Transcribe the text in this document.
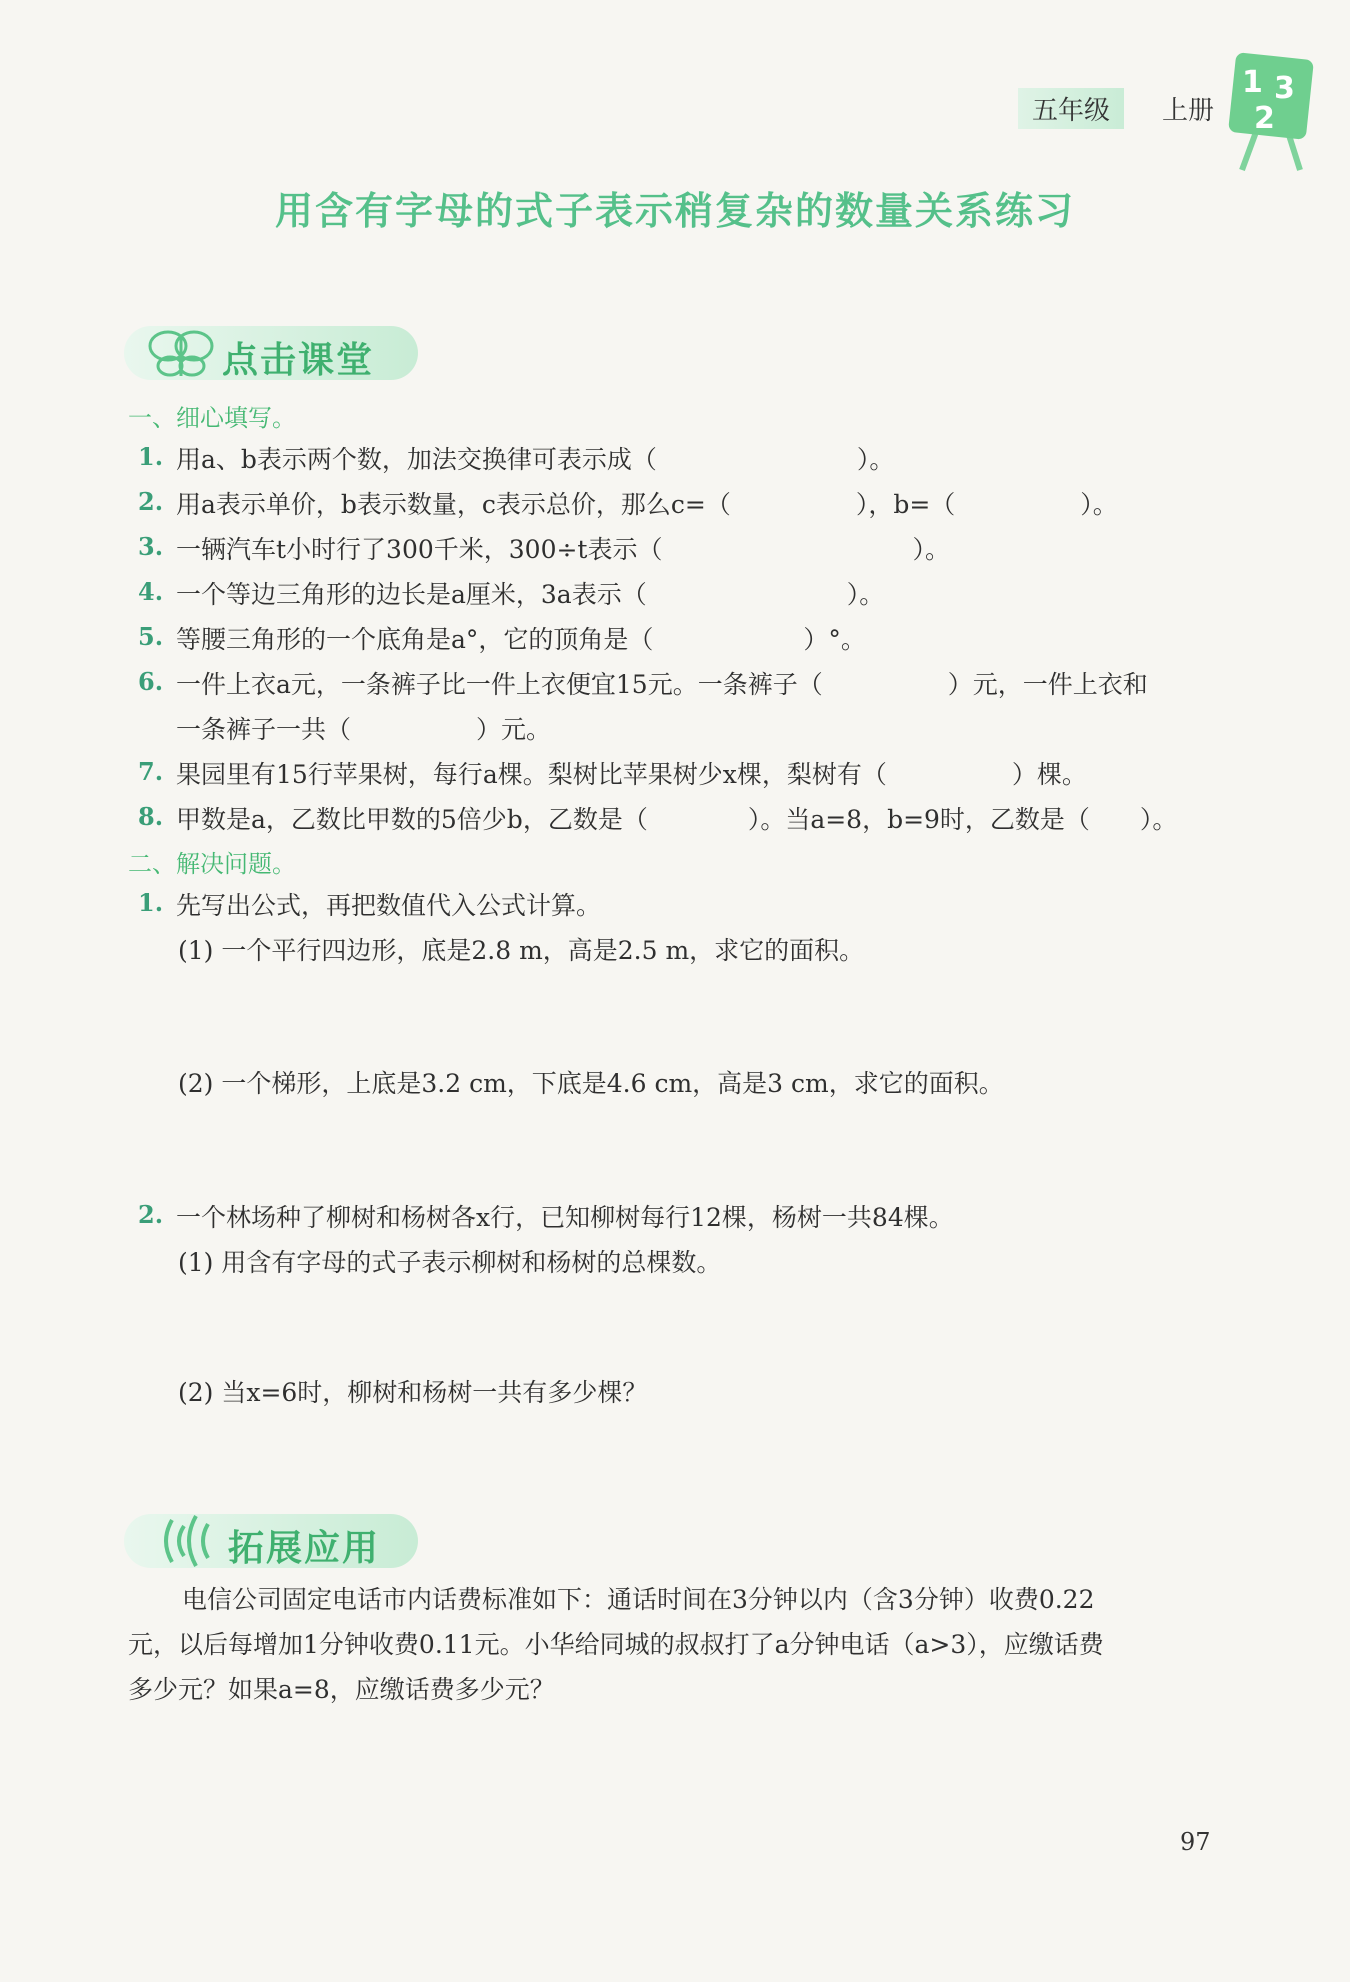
五年级	上册
1 3
2
用含有字母的式子表示稍复杂的数量关系练习
点击课堂
一、细心填写。
1. 用a、b表示两个数，加法交换律可表示成（　　　　　　　　）。
2. 用a表示单价，b表示数量，c表示总价，那么c=（　　　　　），b=（　　　　　）。
3. 一辆汽车t小时行了300千米，300÷t表示（　　　　　　　　　　）。
4. 一个等边三角形的边长是a厘米，3a表示（　　　　　　　　）。
5. 等腰三角形的一个底角是a°，它的顶角是（　　　　　　）°。
6. 一件上衣a元，一条裤子比一件上衣便宜15元。一条裤子（　　　　　）元，一件上衣和
一条裤子一共（　　　　　）元。
7. 果园里有15行苹果树，每行a棵。梨树比苹果树少x棵，梨树有（　　　　　）棵。
8. 甲数是a，乙数比甲数的5倍少b，乙数是（　　　　）。当a=8，b=9时，乙数是（　　）。
二、解决问题。
1. 先写出公式，再把数值代入公式计算。
(1) 一个平行四边形，底是2.8 m，高是2.5 m，求它的面积。
(2) 一个梯形，上底是3.2 cm，下底是4.6 cm，高是3 cm，求它的面积。
2. 一个林场种了柳树和杨树各x行，已知柳树每行12棵，杨树一共84棵。
(1) 用含有字母的式子表示柳树和杨树的总棵数。
(2) 当x=6时，柳树和杨树一共有多少棵？
拓展应用
电信公司固定电话市内话费标准如下：通话时间在3分钟以内（含3分钟）收费0.22
元，以后每增加1分钟收费0.11元。小华给同城的叔叔打了a分钟电话（a>3），应缴话费
多少元？如果a=8，应缴话费多少元？
97
